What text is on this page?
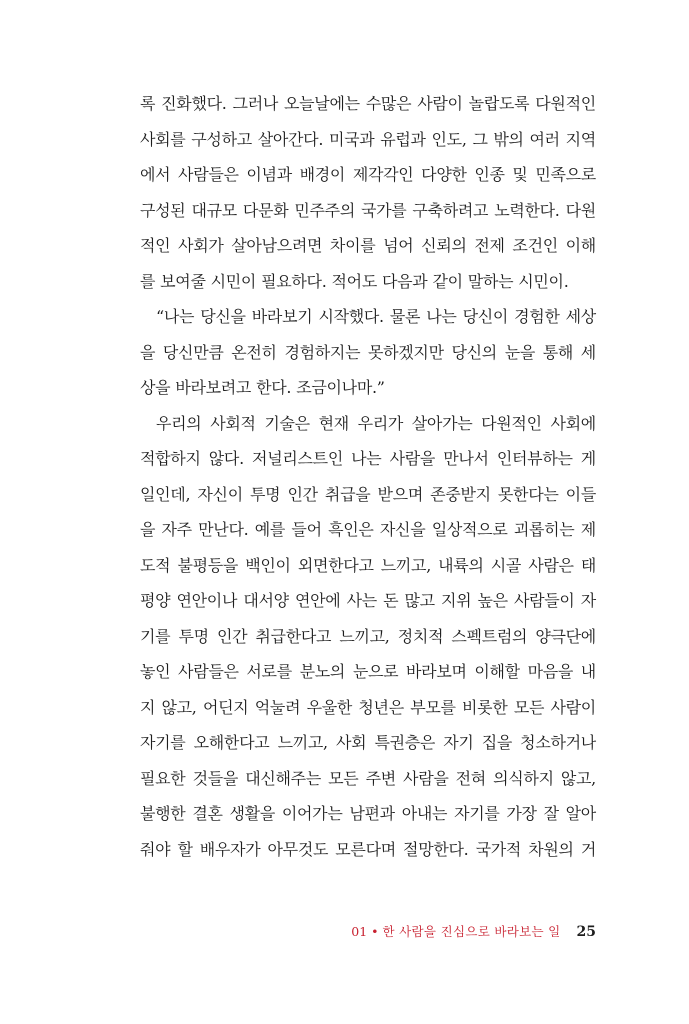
록 진화했다. 그러나 오늘날에는 수많은 사람이 놀랍도록 다원적인
사회를 구성하고 살아간다. 미국과 유럽과 인도, 그 밖의 여러 지역
에서 사람들은 이념과 배경이 제각각인 다양한 인종 및 민족으로
구성된 대규모 다문화 민주주의 국가를 구축하려고 노력한다. 다원
적인 사회가 살아남으려면 차이를 넘어 신뢰의 전제 조건인 이해
를 보여줄 시민이 필요하다. 적어도 다음과 같이 말하는 시민이.
“나는 당신을 바라보기 시작했다. 물론 나는 당신이 경험한 세상
을 당신만큼 온전히 경험하지는 못하겠지만 당신의 눈을 통해 세
상을 바라보려고 한다. 조금이나마.”
우리의 사회적 기술은 현재 우리가 살아가는 다원적인 사회에
적합하지 않다. 저널리스트인 나는 사람을 만나서 인터뷰하는 게
일인데, 자신이 투명 인간 취급을 받으며 존중받지 못한다는 이들
을 자주 만난다. 예를 들어 흑인은 자신을 일상적으로 괴롭히는 제
도적 불평등을 백인이 외면한다고 느끼고, 내륙의 시골 사람은 태
평양 연안이나 대서양 연안에 사는 돈 많고 지위 높은 사람들이 자
기를 투명 인간 취급한다고 느끼고, 정치적 스펙트럼의 양극단에
놓인 사람들은 서로를 분노의 눈으로 바라보며 이해할 마음을 내
지 않고, 어딘지 억눌려 우울한 청년은 부모를 비롯한 모든 사람이
자기를 오해한다고 느끼고, 사회 특권층은 자기 집을 청소하거나
필요한 것들을 대신해주는 모든 주변 사람을 전혀 의식하지 않고,
불행한 결혼 생활을 이어가는 남편과 아내는 자기를 가장 잘 알아
줘야 할 배우자가 아무것도 모른다며 절망한다. 국가적 차원의 거
01 • 한 사람을 진심으로 바라보는 일 25
